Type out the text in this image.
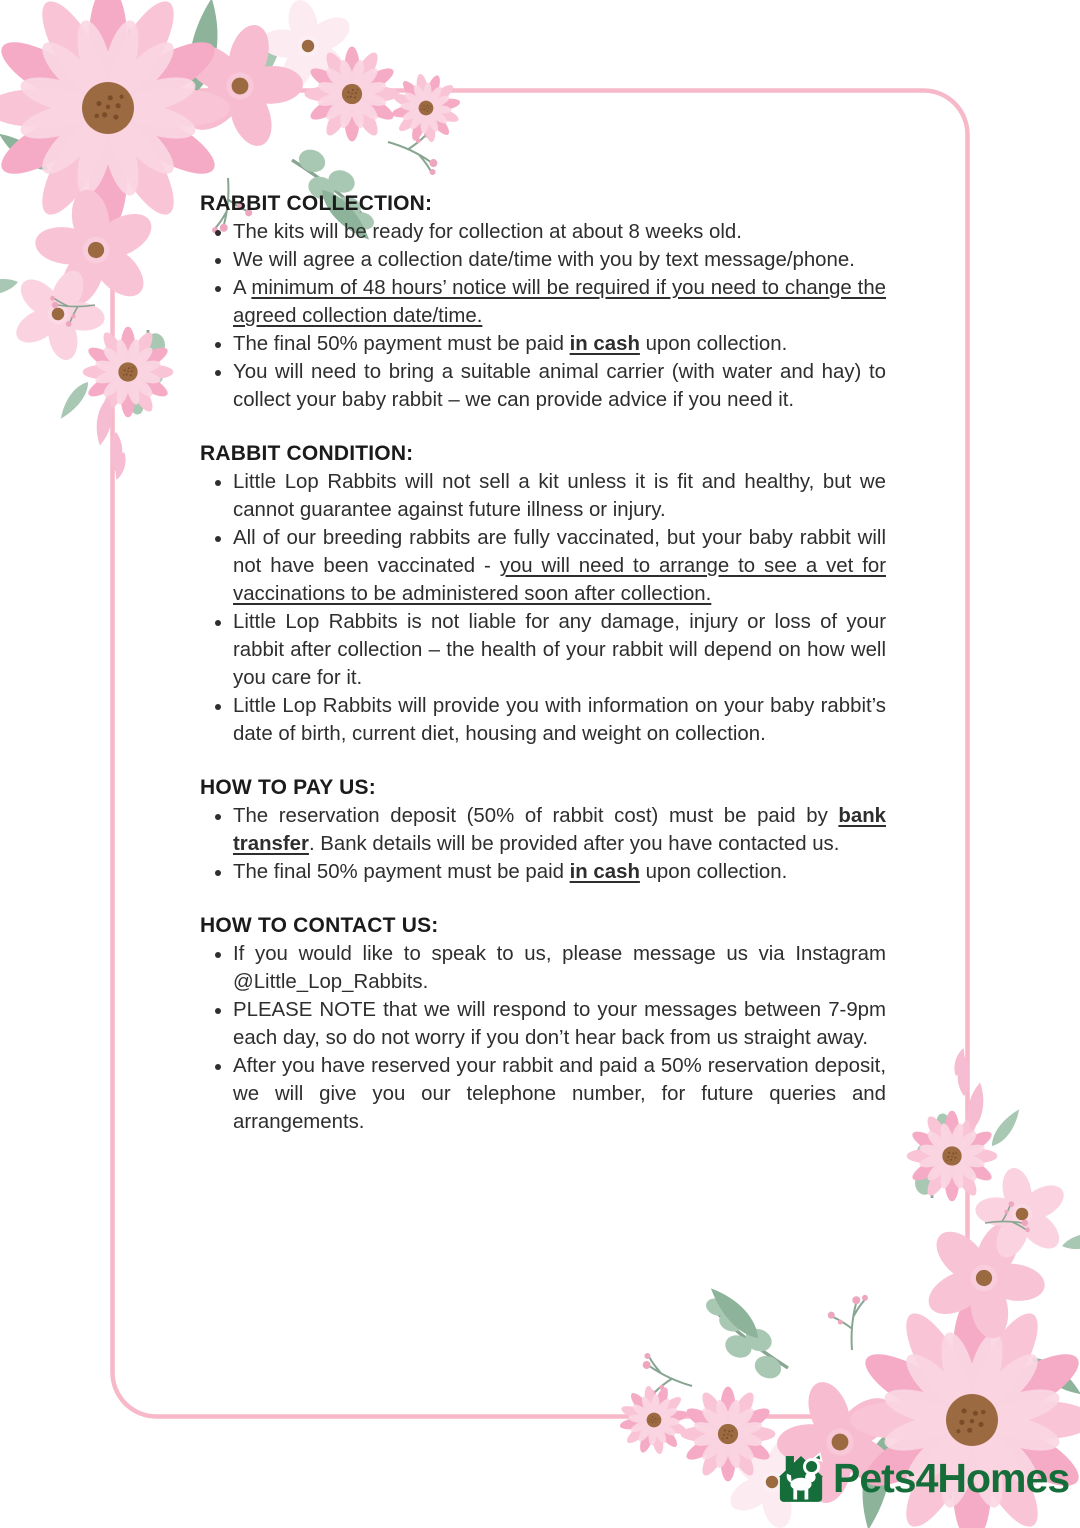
RABBIT COLLECTION:
• The kits will be ready for collection at about 8 weeks old.
• We will agree a collection date/time with you by text message/phone.
• A minimum of 48 hours’ notice will be required if you need to change the agreed collection date/time.
• The final 50% payment must be paid in cash upon collection.
• You will need to bring a suitable animal carrier (with water and hay) to collect your baby rabbit – we can provide advice if you need it.
RABBIT CONDITION:
• Little Lop Rabbits will not sell a kit unless it is fit and healthy, but we cannot guarantee against future illness or injury.
• All of our breeding rabbits are fully vaccinated, but your baby rabbit will not have been vaccinated - you will need to arrange to see a vet for vaccinations to be administered soon after collection.
• Little Lop Rabbits is not liable for any damage, injury or loss of your rabbit after collection – the health of your rabbit will depend on how well you care for it.
• Little Lop Rabbits will provide you with information on your baby rabbit’s date of birth, current diet, housing and weight on collection.
HOW TO PAY US:
• The reservation deposit (50% of rabbit cost) must be paid by bank transfer. Bank details will be provided after you have contacted us.
• The final 50% payment must be paid in cash upon collection.
HOW TO CONTACT US:
• If you would like to speak to us, please message us via Instagram @Little_Lop_Rabbits.
• PLEASE NOTE that we will respond to your messages between 7-9pm each day, so do not worry if you don’t hear back from us straight away.
• After you have reserved your rabbit and paid a 50% reservation deposit, we will give you our telephone number, for future queries and arrangements.
Pets4Homes
